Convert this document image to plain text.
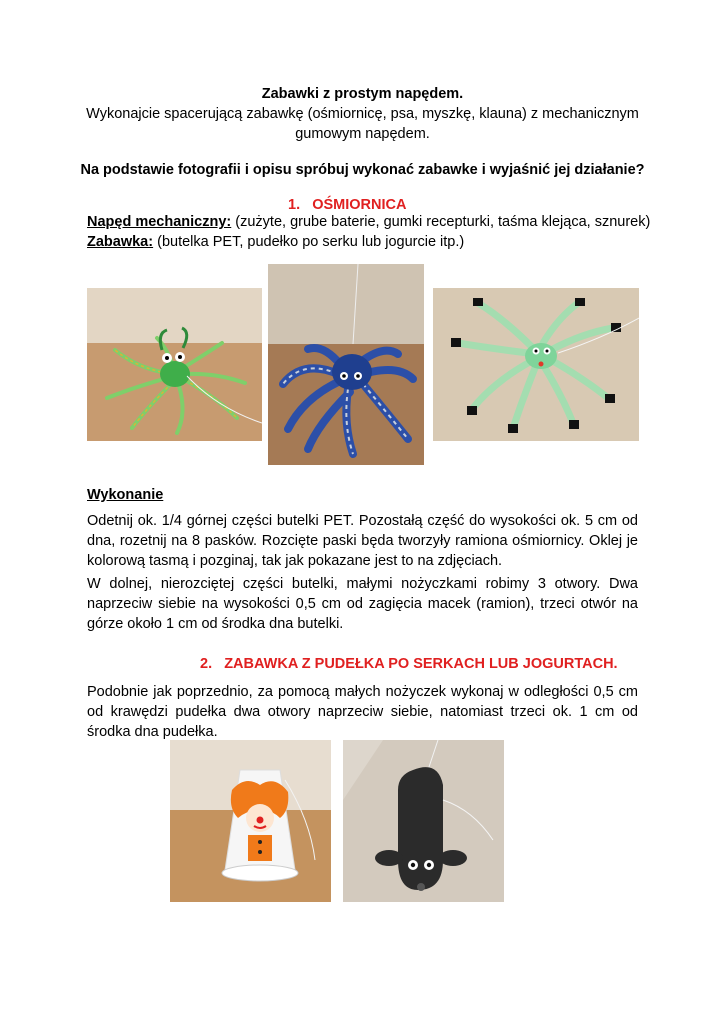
Zabawki z prostym napędem.
Wykonajcie spacerującą zabawkę (ośmiornicę, psa, myszkę, klauna) z mechanicznym
gumowym napędem.
Na podstawie fotografii i opisu spróbuj wykonać zabawke i wyjaśnić jej działanie?
1. OŚMIORNICA
Napęd mechaniczny: (zużyte, grube baterie, gumki recepturki, taśma klejąca, sznurek)
Zabawka: (butelka PET, pudełko po serku lub jogurcie itp.)
Wykonanie
Odetnij ok. 1/4 górnej części butelki PET. Pozostałą część do wysokości ok. 5 cm od dna, rozetnij na 8 pasków. Rozcięte paski będa tworzyły ramiona ośmiornicy. Oklej je kolorową tasmą i pozginaj, tak jak pokazane jest to na zdjęciach.
W dolnej, nierozciętej części butelki, małymi nożyczkami robimy 3 otwory. Dwa naprzeciw siebie na wysokości 0,5 cm od zagięcia macek (ramion), trzeci otwór na górze około 1 cm od środka dna butelki.
2. ZABAWKA Z PUDEŁKA PO SERKACH LUB JOGURTACH.
Podobnie jak poprzednio, za pomocą małych nożyczek wykonaj w odległości 0,5 cm od krawędzi pudełka dwa otwory naprzeciw siebie, natomiast trzeci ok. 1 cm od środka dna pudełka.
